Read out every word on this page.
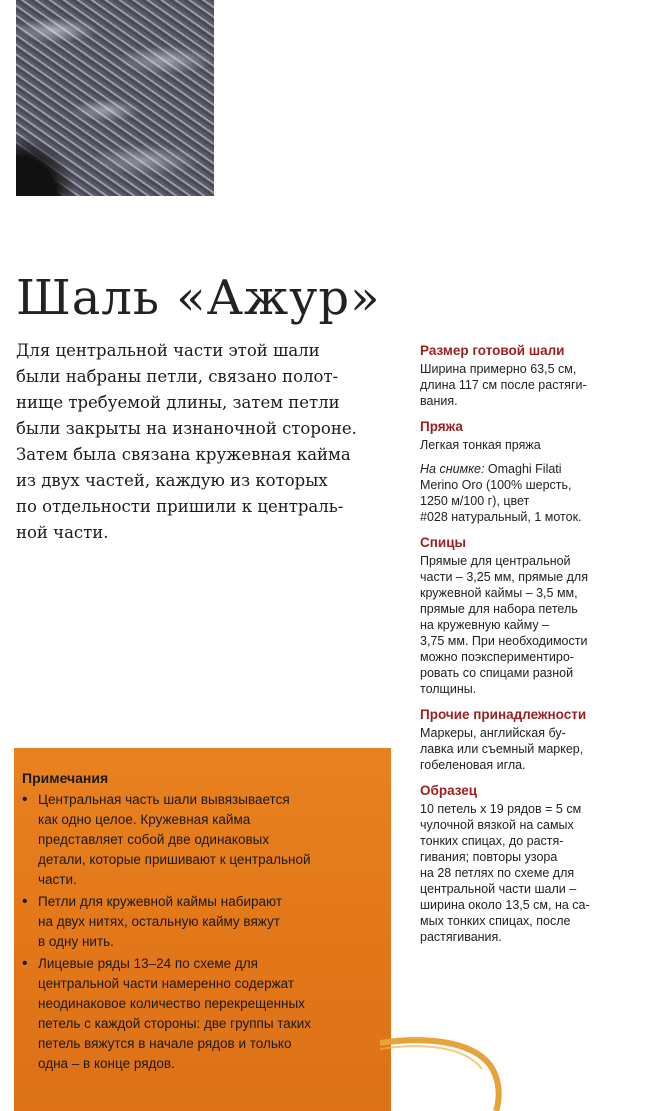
Шаль «Ажур»

Для центральной части этой шали
были набраны петли, связано полот-
нище требуемой длины, затем петли
были закрыты на изнаночной стороне.
Затем была связана кружевная кайма
из двух частей, каждую из которых
по отдельности пришили к централь-
ной части.

Размер готовой шали

Ширина примерно 63,5 см,
длина 117 см после растяги-
вания.

Пряжа

Легкая тонкая пряжа

На снимке: Omaghi Filati
Merino Oro (100% шерсть,
1250 м/100 г), цвет
#028 натуральный, 1 моток.

Спицы

Прямые для центральной
части – 3,25 мм, прямые для
кружевной каймы – 3,5 мм,
прямые для набора петель
на кружевную кайму –
3,75 мм. При необходимости
можно поэкспериментиро-
ровать со спицами разной
толщины.

Прочие принадлежности

Маркеры, английская бу-
лавка или съемный маркер,
гобеленовая игла.

Образец

10 петель х 19 рядов = 5 см
чулочной вязкой на самых
тонких спицах, до растя-
гивания; повторы узора
на 28 петлях по схеме для
центральной части шали –
ширина около 13,5 см, на са-
мых тонких спицах, после
растягивания.

Примечания
• Центральная часть шали вывязывается
как одно целое. Кружевная кайма
представляет собой две одинаковых
детали, которые пришивают к центральной
части.
• Петли для кружевной каймы набирают
на двух нитях, остальную кайму вяжут
в одну нить.
• Лицевые ряды 13–24 по схеме для
центральной части намеренно содержат
неодинаковое количество перекрещенных
петель с каждой стороны: две группы таких
петель вяжутся в начале рядов и только
одна – в конце рядов.
